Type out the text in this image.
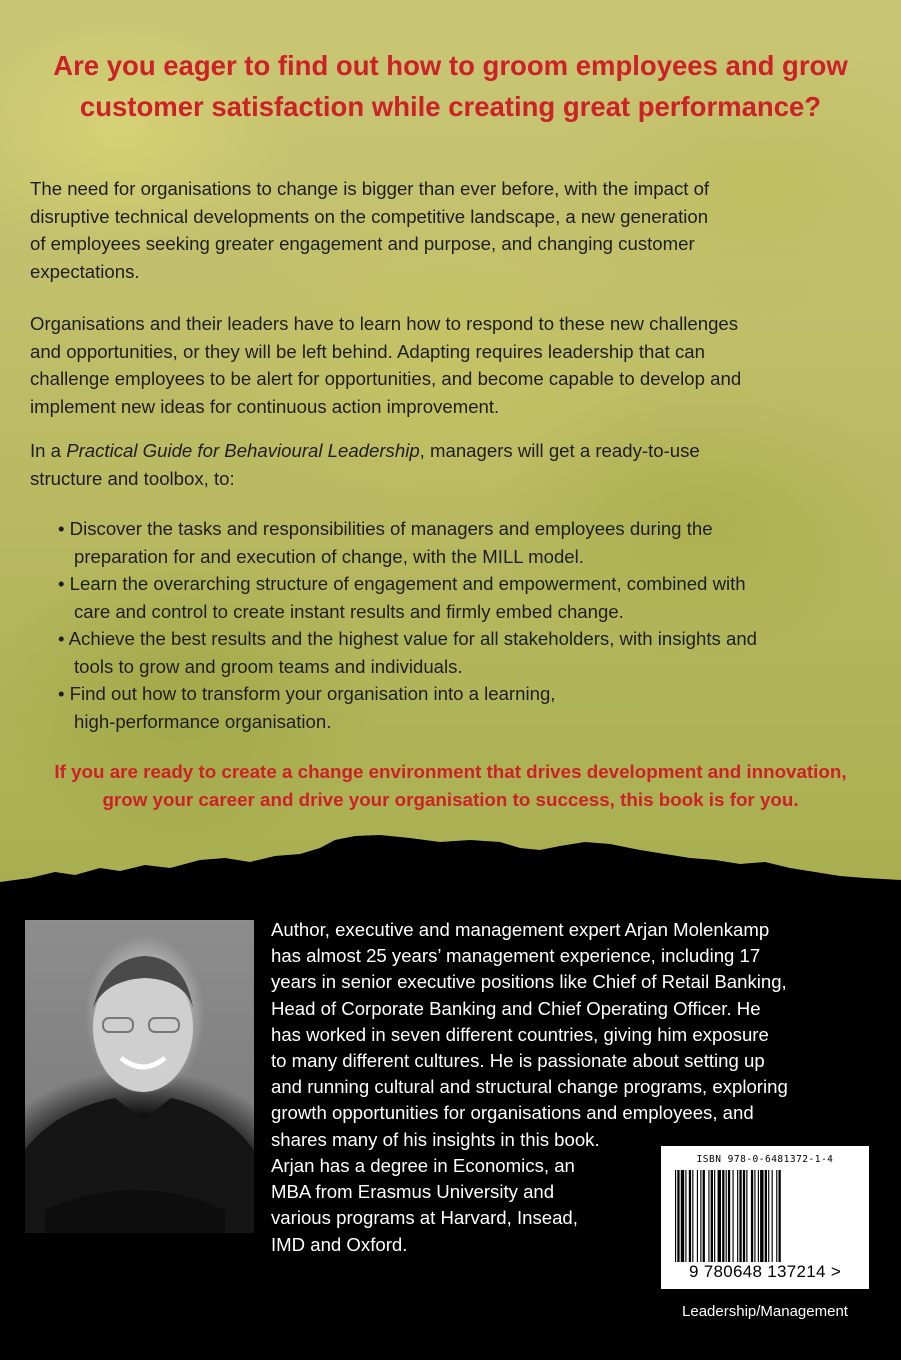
Are you eager to find out how to groom employees and grow
customer satisfaction while creating great performance?
The need for organisations to change is bigger than ever before, with the impact of
disruptive technical developments on the competitive landscape, a new generation
of employees seeking greater engagement and purpose, and changing customer
expectations.
Organisations and their leaders have to learn how to respond to these new challenges
and opportunities, or they will be left behind. Adapting requires leadership that can
challenge employees to be alert for opportunities, and become capable to develop and
implement new ideas for continuous action improvement.
In a Practical Guide for Behavioural Leadership, managers will get a ready-to-use
structure and toolbox, to:
• Discover the tasks and responsibilities of managers and employees during the
preparation for and execution of change, with the MILL model.
• Learn the overarching structure of engagement and empowerment, combined with
care and control to create instant results and firmly embed change.
• Achieve the best results and the highest value for all stakeholders, with insights and
tools to grow and groom teams and individuals.
• Find out how to transform your organisation into a learning,
high-performance organisation.
If you are ready to create a change environment that drives development and innovation,
grow your career and drive your organisation to success, this book is for you.
Author, executive and management expert Arjan Molenkamp
has almost 25 years’ management experience, including 17
years in senior executive positions like Chief of Retail Banking,
Head of Corporate Banking and Chief Operating Officer. He
has worked in seven different countries, giving him exposure
to many different cultures. He is passionate about setting up
and running cultural and structural change programs, exploring
growth opportunities for organisations and employees, and
shares many of his insights in this book.
Arjan has a degree in Economics, an
MBA from Erasmus University and
various programs at Harvard, Insead,
IMD and Oxford.
ISBN 978-0-6481372-1-4
9 780648 137214 >
Leadership/Management
